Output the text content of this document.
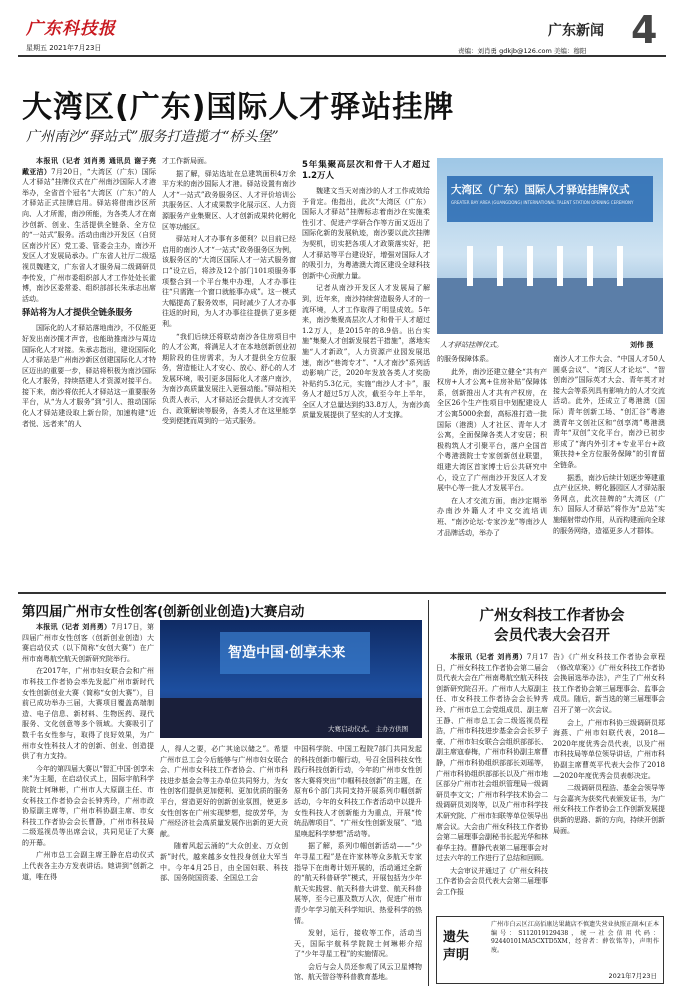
广东科技报
星期五 2021年7月23日
广东新闻 4
责编：刘肖勇 gdkjb@126.com 美编：穆阳
大湾区(广东)国际人才驿站挂牌
广州南沙“驿站式”服务打造揽才“桥头堡”

本报讯（记者 刘肖勇 通讯员 谢子亮 戴亚洁）7月20日，“大湾区（广东）国际人才驿站”挂牌仪式在广州南沙国际人才港举办，全省首个冠名“大湾区（广东）”的人才驿站正式挂牌启用。驿站将借南沙区所向、人才所需，南沙所能，为各类人才在南沙创新、创业、生活提供全链条、全方位的“一站式”服务。活动由南沙开发区（自贸区南沙片区）党工委、管委会主办，南沙开发区人才发展局承办。广东省人社厅二级巡视员魏建文，广东省人才服务局二级调研员李传发，广州市委组织部人才工作处处长霍博，南沙区委常委、组织部部长朱承志出席活动。

驿站将为人才提供全链条服务

国际化的人才驿站落地南沙，不仅能更好发出南沙揽才声音，也能助推南沙与周边国际化人才对接。朱承志指出，建设国际化人才驿站是广州南沙新区创建国际化人才特区迈出的重要一步，驿站将积极为南沙国际化人才服务，持续搭建人才资源对接平台。接下来，南沙将依托人才驿站这一重要服务平台，从“为人才服务”到“引人、推动国际化人才驿站建设取上新台阶，加速构建“近者悦、远者来”的人

才工作新局面。

据了解，驿站选址在总建筑面积4万余平方米的南沙国际人才港。驿站设置有南沙人才“一站式”政务服务区、人才评价培训公共服务区、人才成果数字化展示区、人力资源服务产业集聚区、人才创新成果转化孵化区等功能区。

驿站对人才办事有多便利？以目前已经启用的南沙人才“一站式”政务服务区为例，该服务区的“大湾区国际人才一站式服务窗口”设立后，将涉及12个部门101项服务事项整合到一个平台集中办理，人才办事往往“只需跑一个窗口就能事办成”。这一模式大幅提高了服务效率，同时减少了人才办事往返的时间，为人才办事往往提供了更多便利。

“我们后续还将联动南沙各住房项目中的人才公寓，将满足人才在本地创新创业初期阶段的住房需求，为人才提供全方位服务，营造能让人才安心、放心、舒心的人才发展环境，吸引更多国际化人才落户南沙，为南沙高质量发展注入更强动能。”驿站相关负责人表示，人才驿站还会提供人才交流平台、政策解读等服务，各类人才在这里能享受到便捷而周到的一站式服务。

5年集聚高层次和骨干人才超过1.2万人

魏建文当天对南沙的人才工作成效给予肯定。他指出，此次“大湾区（广东）国际人才驿站”挂牌标志着南沙在实施柔性引才、促进产学研合作等方面又迈出了国际化新的发展轨迹，南沙要以此次挂牌为契机，切实把各项人才政策落实好，把人才驿站等平台建设好，增强对国际人才的吸引力，为粤港澳大湾区建设全球科技创新中心贡献力量。

记者从南沙开发区人才发展局了解到，近年来，南沙持续营造服务人才的一流环境，人才工作取得了明显成效。5年来，南沙集聚高层次人才和骨干人才超过1.2万人，是2015年的8.9倍。出台实施“集聚人才创新发展若干措施”，落地实施“人才新政”，人力资源产业园发展迅速，南沙“巷湾专才”、“人才南沙”系列活动影响广泛，2020年发放各类人才奖励补贴约5.3亿元，实施“南沙人才卡”，服务人才超过5万人次，截至今年上半年，全区人才总量达到约33.8万人，为南沙高质量发展提供了坚实的人才支撑。

大湾区（广东）国际人才驿站挂牌仪式
GREATER BAY AREA (GUANGDONG) INTERNATIONAL TALENT STATION OPENING CEREMONY
人才驿站挂牌仪式。	刘伟 摄

的服务保障体系。

此外，南沙还建立健全“共有产权房+人才公寓+住房补贴”保障体系，创新推出人才共有产权房，在全区26个生产性项目中划配建设人才公寓5000余套，高标准打造一批国际（港澳）人才社区、青年人才公寓，全面保障各类人才安居；积极构筑人才引聚平台，落户全国首个粤港澳院士专家创新创业联盟，组建大湾区首家博士后公共研究中心，设立了广州南沙开发区人才发展中心等一批人才发展平台。

在人才交流方面，南沙定期举办南沙外籍人才中文交流培训班、“南沙论坛·专家沙龙”等南沙人才品牌活动，举办了

南沙人才工作大会、“中国人才50人圆桌会议”、“湾区人才论坛”、“智创南沙”国际英才大会、青年英才对接大会等系列具有影响力的人才交流活动。此外，还成立了粤港澳（国际）青年创新工场、“创汇谷”粤港澳青年文创社区和“创享湾”粤港澳青年“双创”文化平台，南沙已初步形成了“海内外引才+专业平台+政策扶持+全方位服务保障”的引育留全链条。

据悉，南沙后续计划逐步筹建重点产业区块、孵化器园区人才驿站服务网点，此次挂牌的“大湾区（广东）国际人才驿站”将作为“总站”实施辐射带动作用，从而构建面向全球的服务网络，造福更多人才群体。

第四届广州市女性创客(创新创业创造)大赛启动

本报讯（记者 刘肖勇）7月17日，第四届广州市女性创客（创新创业创造）大赛启动仪式（以下简称“女创大赛”）在广州市南粤航空航天创新研究院举行。

在2017年，广州市妇女联合会和广州市科技工作者协会率先发起广州市新时代女性创新创业大赛（简称“女创大赛”），目前已成功举办三届，大赛项目覆盖高端制造、电子信息、新材料、生物医药、现代服务、文化创意等多个领域。大赛吸引了数千名女性参与，取得了良好效果，为广州市女性科技人才的创新、创业、创造提供了有力支持。

今年的第四届大赛以“智汇中国·创享未来”为主题，在启动仪式上，国际宇航科学院院士何琳彬，广州市人大原副主任、市女科技工作者协会会长钟秀玲，广州市政协原副主席等，广州市科协副主席、市女科技工作者协会会长曹静，广州市科技局二级巡视员等出席会议，共同见证了大赛的开幕。

广州市总工会副主席王静在启动仪式上代表各主办方发表讲话。她讲到“创新之道，唯在得

智造中国·创享未来
大赛启动仪式。 主办方供图

人，得人之要，必广其途以储之”。希望广州市总工会今后能够与广州市妇女联合会、广州市女科技工作者协会、广州市科技进步基金会等主办单位共同努力，为女性创客们提供更加便利、更加优质的服务平台，营造更好的创新创业氛围，使更多女性创客在广州实现梦想，绽放芳华，为广州经济社会高质量发展作出新的更大贡献。

随着风起云涌的“大众创业、万众创新”时代，越来越多女性投身创业大军当中。今年4月25日，由全国妇联、科技部、国务院国资委、全国总工会

中国科学院、中国工程院7部门共同发起的科技创新巾帼行动，号召全国科技女性践行科技创新行动，今年的广州市女性创客大赛将突出“巾帼科技创新”的主题，在原有6个部门共同支持开展系列巾帼创新活动，今年的女科技工作者活动中以提升女性科技人才创新能力为重点，开展“传统品牌项目”、“广州女性创新发展”、“追星唤起科学梦想”活动等。

据了解，系列巾帼创新活动——“少年寻星工程”是在许家林等众多航天专家指导下在南粤计划开展的，活动通过全新的“航天科普研学”模式，开展包括为少年航天实践营、航天科普大讲堂、航天科普展等，至今已惠及数万人次，促进广州市青少年学习航天科学知识、热爱科学的热情。

发射，运行，接收等工作，活动当天，国际宇航科学院院士何琳彬介绍了“少年寻星工程”的实施情况。

会后与会人员还参观了风云卫星博物馆、航天智谷等科普教育基地。

广州女科技工作者协会
会员代表大会召开

本报讯（记者 刘肖勇）7月17日，广州女科技工作者协会第二届会员代表大会在广州南粤航空航天科技创新研究院召开。广州市人大原副主任、市女科技工作者协会会长钟秀玲、广州市总工会党组成员、副主席王静、广州市总工会二级巡视员程浩，广州市科技进步基金会会长罗子豪、广州市妇女联合会组织部部长、副主席寇春梅，广州市科协副主席曹静，广州市科协组织部部长刘瑶等，广州市科协组织部部长以及广州市地区部分广州市社会组织管理局一级调研员李文文；广州市科学技术协会二级调研员刘岗等，以及广州市科学技术研究院、广州市妇联等单位领导出席会议。大会由广州女科技工作者协会第二届理事会副秘书长起光华和林春华主持。曹静代表第二届理事会对过去六年的工作进行了总结和回顾。

大会审议并通过了《广州女科技工作者协会会员代表大会第二届理事会工作报

告》《广州女科技工作者协会章程（修改草案）》《广州女科技工作者协会换届选举办法》，产生了广州女科技工作者协会第三届理事会、监事会成员。随后，新当选的第三届理事会召开了第一次会议。

会上，广州市科协三级调研员郑海燕、广州市妇联代表，2018—2020年度优秀会员代表，以及广州市科技局等单位领导讲话，广州市科协副主席曹英平代表大会作了2018—2020年度优秀会员表彰决定。

二级调研员程浩、基金会领导等与会嘉宾为获奖代表颁发证书，为广州女科技工作者协会工作创新发展提供新的思路、新的方向，持续开创新局面。

遗失
声明
广州市白云区江高佰康达果蔬店不慎遗失营业执照正副本(正本编号：S112019129438，统一社会信用代码：92440101MA5CXTD5XM，经营者：薛钦铭等)，声明作废。
2021年7月23日
